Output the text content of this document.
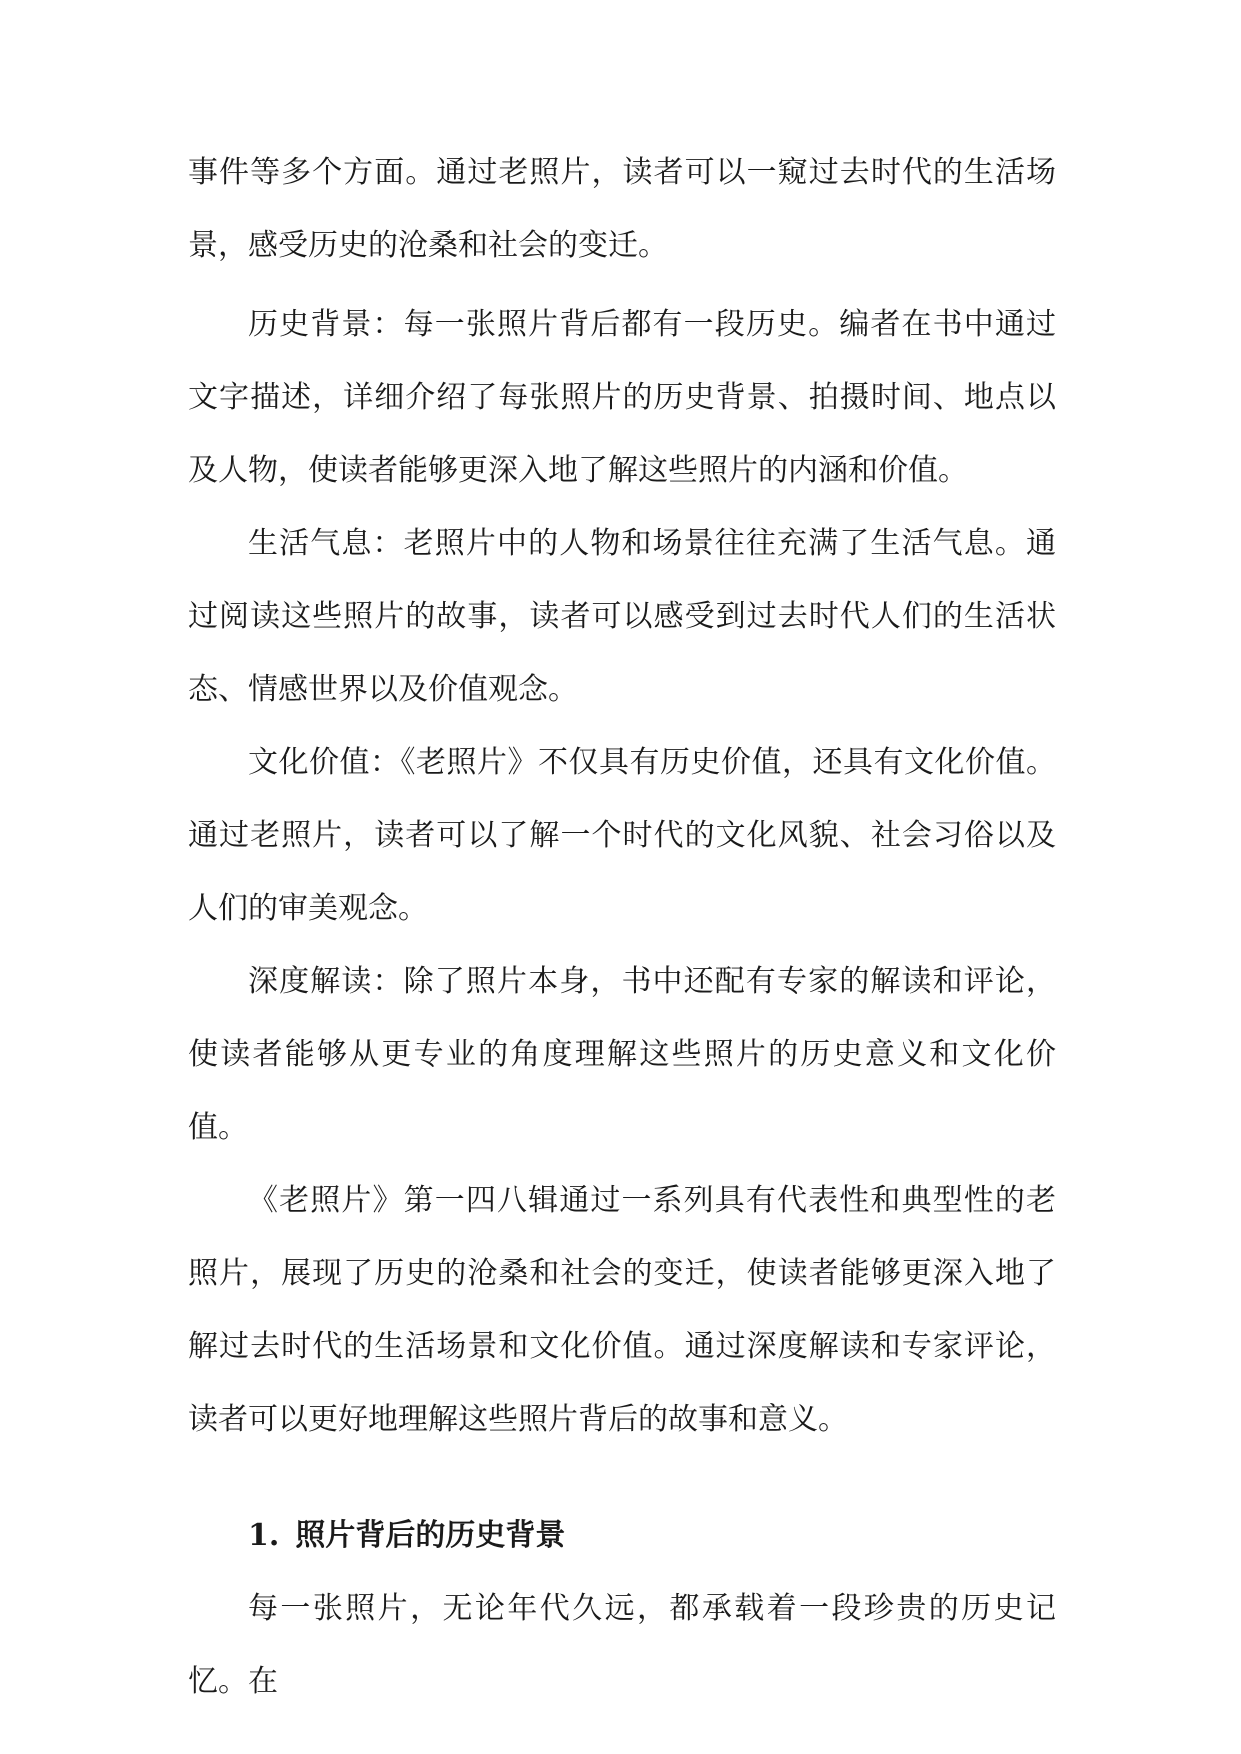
事件等多个方面。通过老照片，读者可以一窥过去时代的生活场景，感受历史的沧桑和社会的变迁。

历史背景：每一张照片背后都有一段历史。编者在书中通过文字描述，详细介绍了每张照片的历史背景、拍摄时间、地点以及人物，使读者能够更深入地了解这些照片的内涵和价值。

生活气息：老照片中的人物和场景往往充满了生活气息。通过阅读这些照片的故事，读者可以感受到过去时代人们的生活状态、情感世界以及价值观念。

文化价值：《老照片》不仅具有历史价值，还具有文化价值。通过老照片，读者可以了解一个时代的文化风貌、社会习俗以及人们的审美观念。

深度解读：除了照片本身，书中还配有专家的解读和评论，使读者能够从更专业的角度理解这些照片的历史意义和文化价值。

《老照片》第一四八辑通过一系列具有代表性和典型性的老照片，展现了历史的沧桑和社会的变迁，使读者能够更深入地了解过去时代的生活场景和文化价值。通过深度解读和专家评论，读者可以更好地理解这些照片背后的故事和意义。

1. 照片背后的历史背景

每一张照片，无论年代久远，都承载着一段珍贵的历史记忆。在
